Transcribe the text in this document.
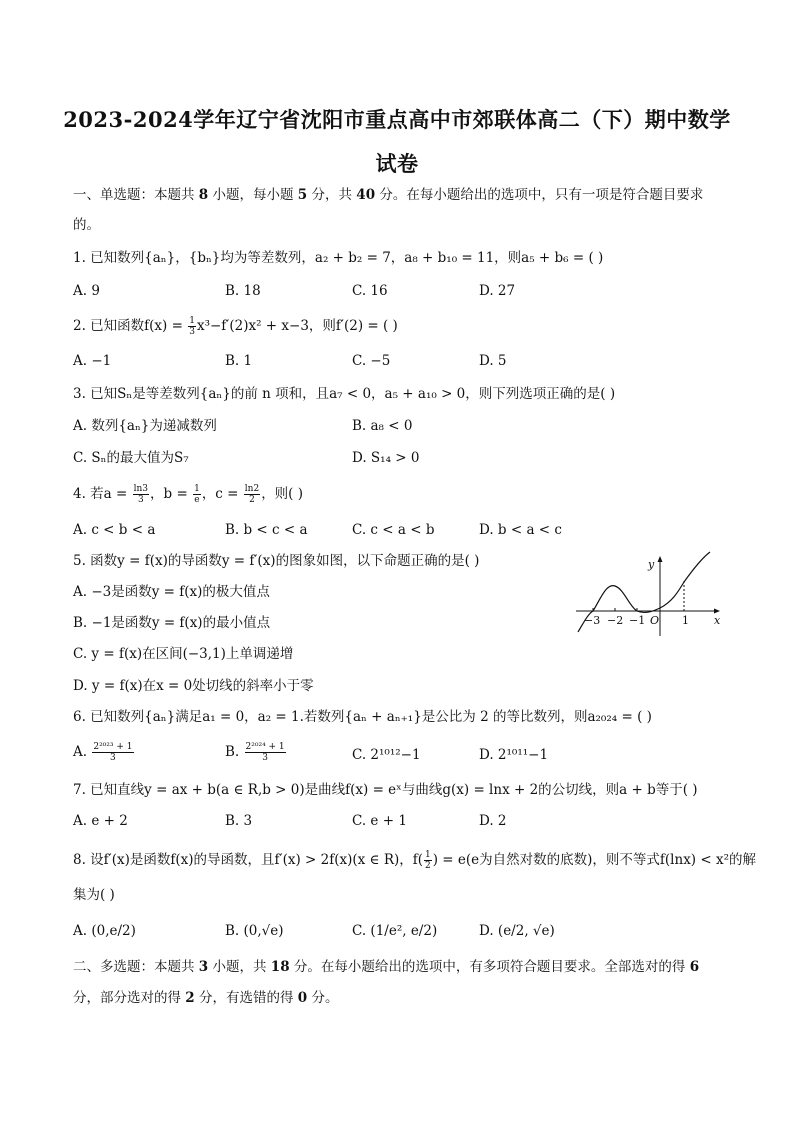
2023-2024学年辽宁省沈阳市重点高中市郊联体高二（下）期中数学
试卷
一、单选题：本题共 8 小题，每小题 5 分，共 40 分。在每小题给出的选项中，只有一项是符合题目要求
的。
1. 已知数列{aₙ}，{bₙ}均为等差数列，a₂ + b₂ = 7，a₈ + b₁₀ = 11，则a₅ + b₆ = ( )
A. 9	B. 18	C. 16	D. 27
2. 已知函数$f(x) = \frac{1}{3} x^3-f'(2)x^2 + x-3$，则f′(2) = ( )
A. −1	B. 1	C. −5	D. 5
3. 已知Sₙ是等差数列{aₙ}的前 n 项和，且a₇ < 0，a₅ + a₁₀ > 0，则下列选项正确的是( )
A. 数列{aₙ}为递减数列	B. a₈ < 0
C. Sₙ的最大值为S₇	D. S₁₄ > 0
4. 若$a = \frac{\ln 3}{3}$ ，$b = \frac{1}{e}$ ，$c = \frac{\ln 2}{2}$ ，则( )
A. c < b < a	B. b < c < a	C. c < a < b	D. b < a < c
5. 函数y = f(x)的导函数y = f′(x)的图象如图，以下命题正确的是( )
A. −3是函数y = f(x)的极大值点
B. −1是函数y = f(x)的最小值点
C. y = f(x)在区间(−3,1)上单调递增
D. y = f(x)在x = 0处切线的斜率小于零
x
y
−3 −2 −1 O 1
6. 已知数列{aₙ}满足a₁ = 0，a₂ = 1.若数列{aₙ + aₙ₊₁}是公比为 2 的等比数列，则a₂₀₂₄ = ( )
A. $\frac{\text{2²⁰²³ + 1}}{3}$	B. $\frac{\text{2²⁰²⁴ + 1}}{3}$	C. 2¹⁰¹²−1	D. 2¹⁰¹¹−1
7. 已知直线y = ax + b(a ∈ R,b > 0)是曲线f(x) = eˣ与曲线g(x) = lnx + 2的公切线，则a + b等于( )
A. e + 2	B. 3	C. e + 1	D. 2
8. 设f′(x)是函数f(x)的导函数，且f′(x) > 2f(x)(x ∈ R)，$f( \frac{1}{2}$ ) = e(e为自然对数的底数)，则不等式f(lnx) < x²的解
集为( )
A. (0,e/2)	B. (0,√e)	C. (1/e², e/2)	D. (e/2, √e)
二、多选题：本题共 3 小题，共 18 分。在每小题给出的选项中，有多项符合题目要求。全部选对的得 6
分，部分选对的得 2 分，有选错的得 0 分。
